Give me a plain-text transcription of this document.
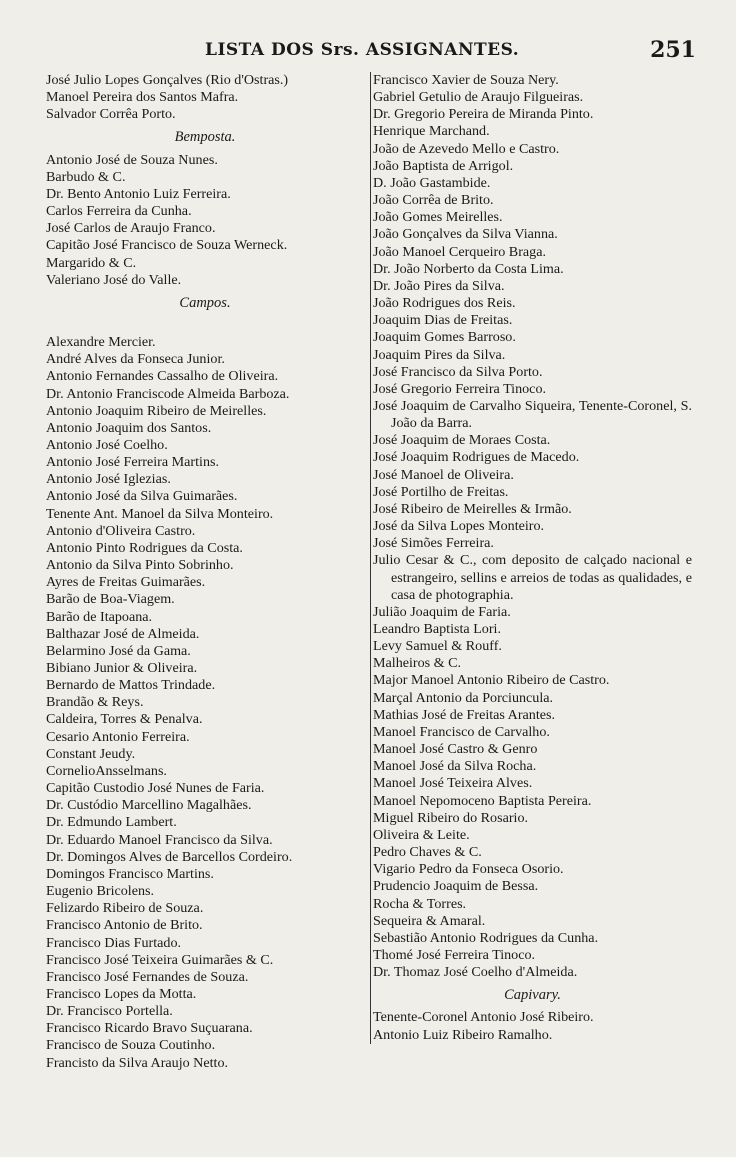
LISTA DOS Srs. ASSIGNANTES.	251
José Julio Lopes Gonçalves (Rio d'Ostras.)
Manoel Pereira dos Santos Mafra.
Salvador Corrêa Porto.
Bemposta.
Antonio José de Souza Nunes.
Barbudo & C.
Dr. Bento Antonio Luiz Ferreira.
Carlos Ferreira da Cunha.
José Carlos de Araujo Franco.
Capitão José Francisco de Souza Werneck.
Margarido & C.
Valeriano José do Valle.
Campos.
Alexandre Mercier.
André Alves da Fonseca Junior.
Antonio Fernandes Cassalho de Oliveira.
Dr. Antonio Franciscode Almeida Barboza.
Antonio Joaquim Ribeiro de Meirelles.
Antonio Joaquim dos Santos.
Antonio José Coelho.
Antonio José Ferreira Martins.
Antonio José Iglezias.
Antonio José da Silva Guimarães.
Tenente Ant. Manoel da Silva Monteiro.
Antonio d'Oliveira Castro.
Antonio Pinto Rodrigues da Costa.
Antonio da Silva Pinto Sobrinho.
Ayres de Freitas Guimarães.
Barão de Boa-Viagem.
Barão de Itapoana.
Balthazar José de Almeida.
Belarmino José da Gama.
Bibiano Junior & Oliveira.
Bernardo de Mattos Trindade.
Brandão & Reys.
Caldeira, Torres & Penalva.
Cesario Antonio Ferreira.
Constant Jeudy.
CornelioAnsselmans.
Capitão Custodio José Nunes de Faria.
Dr. Custódio Marcellino Magalhães.
Dr. Edmundo Lambert.
Dr. Eduardo Manoel Francisco da Silva.
Dr. Domingos Alves de Barcellos Cordeiro.
Domingos Francisco Martins.
Eugenio Bricolens.
Felizardo Ribeiro de Souza.
Francisco Antonio de Brito.
Francisco Dias Furtado.
Francisco José Teixeira Guimarães & C.
Francisco José Fernandes de Souza.
Francisco Lopes da Motta.
Dr. Francisco Portella.
Francisco Ricardo Bravo Suçuarana.
Francisco de Souza Coutinho.
Francisto da Silva Araujo Netto.
Francisco Xavier de Souza Nery.
Gabriel Getulio de Araujo Filgueiras.
Dr. Gregorio Pereira de Miranda Pinto.
Henrique Marchand.
João de Azevedo Mello e Castro.
João Baptista de Arrigol.
D. João Gastambide.
João Corrêa de Brito.
João Gomes Meirelles.
João Gonçalves da Silva Vianna.
João Manoel Cerqueiro Braga.
Dr. João Norberto da Costa Lima.
Dr. João Pires da Silva.
João Rodrigues dos Reis.
Joaquim Dias de Freitas.
Joaquim Gomes Barroso.
Joaquim Pires da Silva.
José Francisco da Silva Porto.
José Gregorio Ferreira Tinoco.
José Joaquim de Carvalho Siqueira, Tenente-Coronel, S. João da Barra.
José Joaquim de Moraes Costa.
José Joaquim Rodrigues de Macedo.
José Manoel de Oliveira.
José Portilho de Freitas.
José Ribeiro de Meirelles & Irmão.
José da Silva Lopes Monteiro.
José Simões Ferreira.
Julio Cesar & C., com deposito de calçado nacional e estrangeiro, sellins e arreios de todas as qualidades, e casa de photographia.
Julião Joaquim de Faria.
Leandro Baptista Lori.
Levy Samuel & Rouff.
Malheiros & C.
Major Manoel Antonio Ribeiro de Castro.
Marçal Antonio da Porciuncula.
Mathias José de Freitas Arantes.
Manoel Francisco de Carvalho.
Manoel José Castro & Genro
Manoel José da Silva Rocha.
Manoel José Teixeira Alves.
Manoel Nepomoceno Baptista Pereira.
Miguel Ribeiro do Rosario.
Oliveira & Leite.
Pedro Chaves & C.
Vigario Pedro da Fonseca Osorio.
Prudencio Joaquim de Bessa.
Rocha & Torres.
Sequeira & Amaral.
Sebastião Antonio Rodrigues da Cunha.
Thomé José Ferreira Tinoco.
Dr. Thomaz José Coelho d'Almeida.
Capivary.
Tenente-Coronel Antonio José Ribeiro.
Antonio Luiz Ribeiro Ramalho.
